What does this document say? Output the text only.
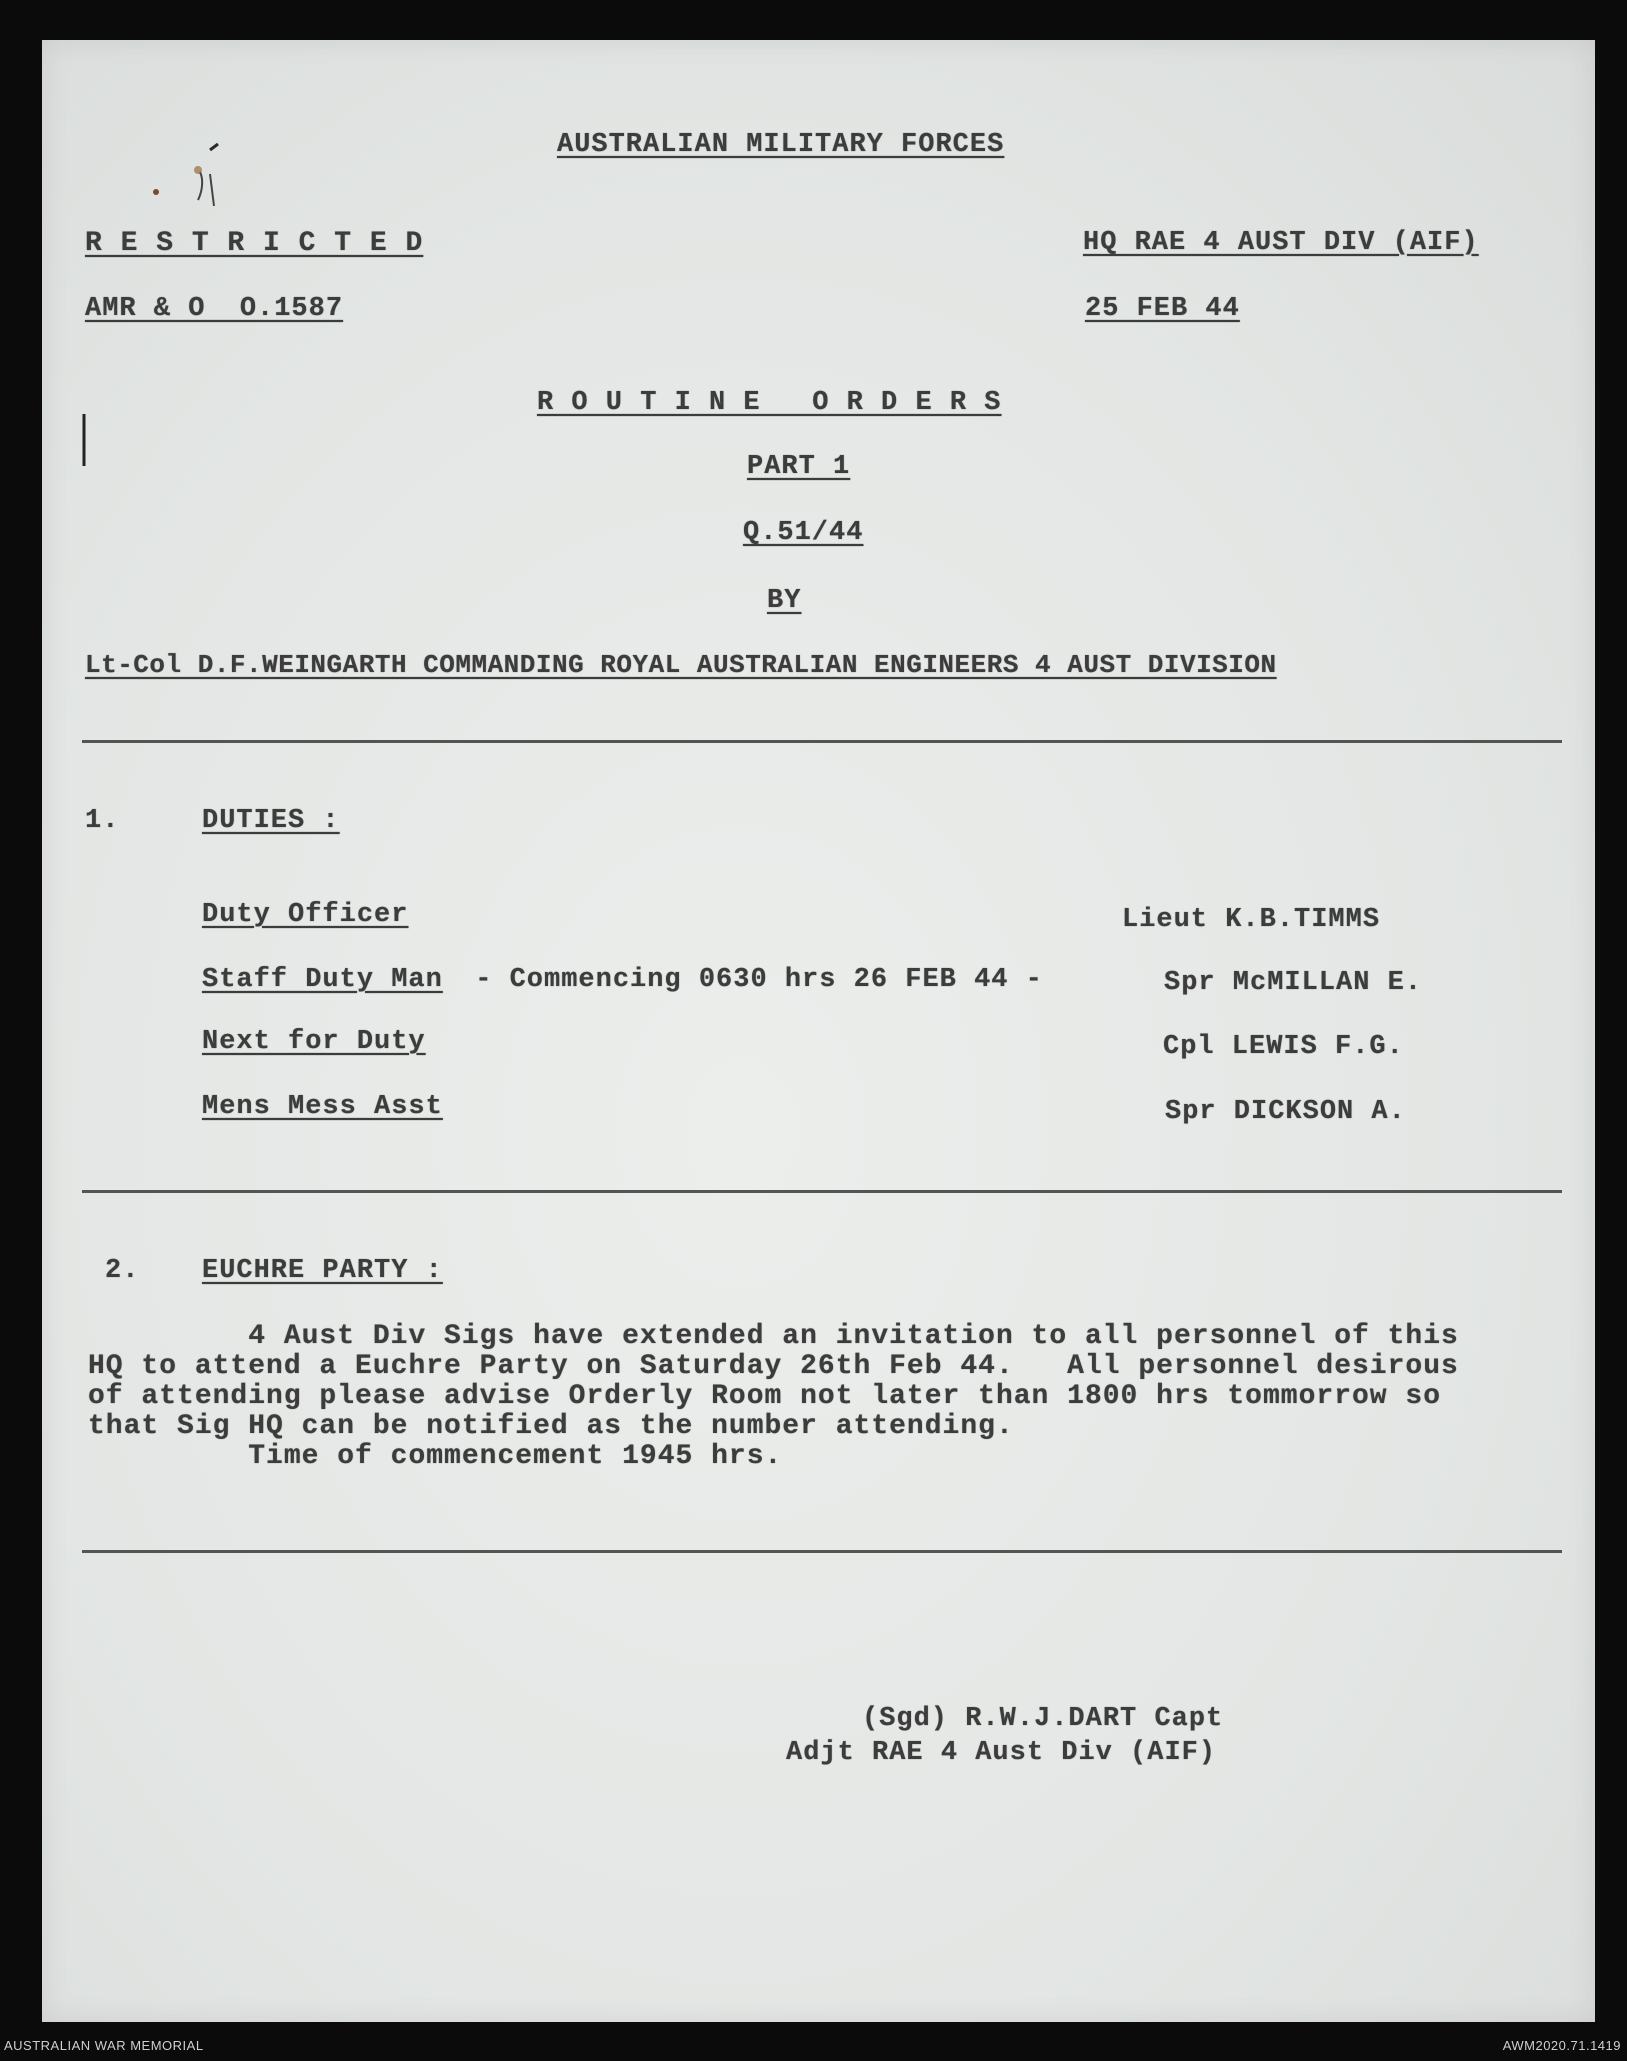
AUSTRALIAN MILITARY FORCES
R E S T R I C T E D	HQ RAE 4 AUST DIV (AIF)
AMR & O  O.1587	25 FEB 44
R O U T I N E   O R D E R S
PART 1
Q.51/44
BY
Lt-Col D.F.WEINGARTH COMMANDING ROYAL AUSTRALIAN ENGINEERS 4 AUST DIVISION
1.	DUTIES :
Duty Officer	Lieut K.B.TIMMS
Staff Duty Man - Commencing 0630 hrs 26 FEB 44 -	Spr McMILLAN E.
Next for Duty	Cpl LEWIS F.G.
Mens Mess Asst	Spr DICKSON A.
2. EUCHRE PARTY :
4 Aust Div Sigs have extended an invitation to all personnel of this
HQ to attend a Euchre Party on Saturday 26th Feb 44.   All personnel desirous
of attending please advise Orderly Room not later than 1800 hrs tommorrow so
that Sig HQ can be notified as the number attending.
Time of commencement 1945 hrs.
(Sgd) R.W.J.DART Capt
Adjt RAE 4 Aust Div (AIF)
AUSTRALIAN WAR MEMORIAL	AWM2020.71.1419
